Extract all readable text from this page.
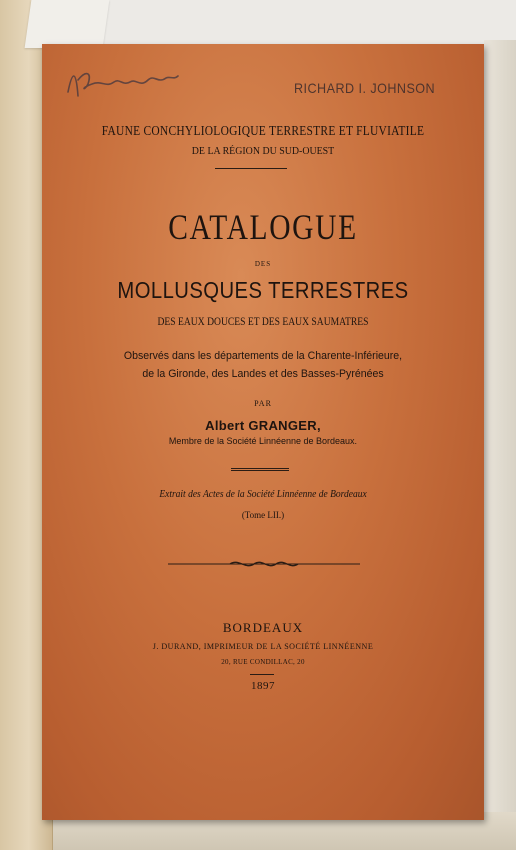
RICHARD I. JOHNSON
FAUNE CONCHYLIOLOGIQUE TERRESTRE ET FLUVIATILE
DE LA RÉGION DU SUD-OUEST
CATALOGUE
DES
MOLLUSQUES TERRESTRES
DES EAUX DOUCES ET DES EAUX SAUMATRES
Observés dans les départements de la Charente-Inférieure,
de la Gironde, des Landes et des Basses-Pyrénées
PAR
Albert GRANGER,
Membre de la Société Linnéenne de Bordeaux.
Extrait des Actes de la Société Linnéenne de Bordeaux
(Tome LII.)
BORDEAUX
J. DURAND, IMPRIMEUR DE LA SOCIÉTÉ LINNÉENNE
20, RUE CONDILLAC, 20
1897
